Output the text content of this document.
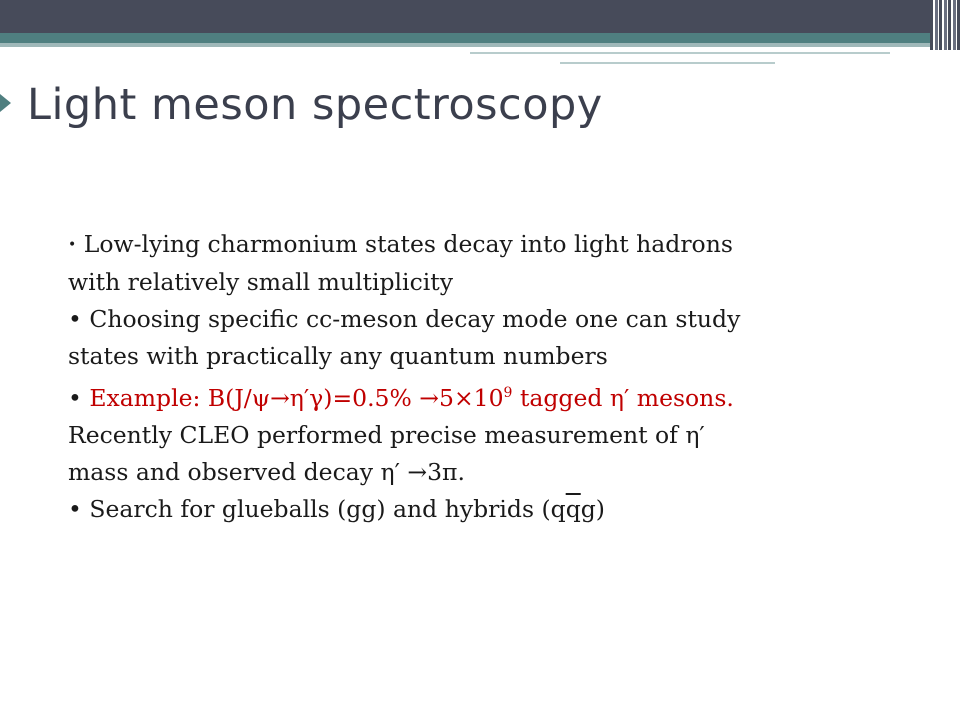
Light meson spectroscopy

• Low-lying charmonium states decay into light hadrons
with relatively small multiplicity

• Choosing specific cc-meson decay mode one can study
states with practically any quantum numbers

• Example: $B(J/\psi\to\eta'\gamma)=0.5\% \to 5\times 10^9$ tagged η′ mesons.
Recently CLEO performed precise measurement of η′
mass and observed decay η′ →3π.

• Search for glueballs (gg) and hybrids $(q\overline{q}g)$
